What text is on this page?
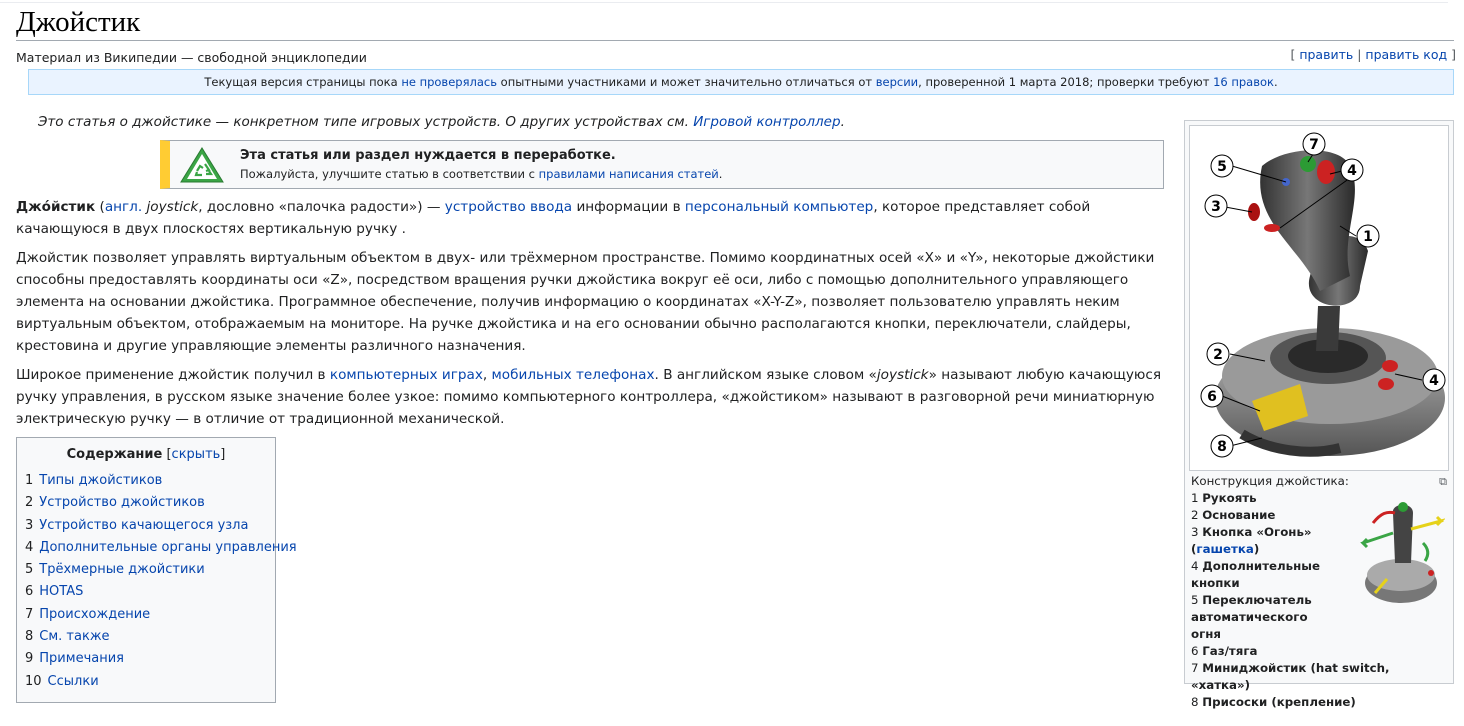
Джойстик
Материал из Википедии — свободной энциклопедии	[ править | править код ]
Текущая версия страницы пока не проверялась опытными участниками и может значительно отличаться от версии, проверенной 1 марта 2018; проверки требуют 16 правок.
Это статья о джойстике — конкретном типе игровых устройств. О других устройствах см. Игровой контроллер.
Эта статья или раздел нуждается в переработке.
Пожалуйста, улучшите статью в соответствии с правилами написания статей.

Джо́йстик (англ. joystick, дословно «палочка радости») — устройство ввода информации в персональный компьютер, которое представляет собой качающуюся в двух плоскостях вертикальную ручку .

Джойстик позволяет управлять виртуальным объектом в двух- или трёхмерном пространстве. Помимо координатных осей «X» и «Y», некоторые джойстики способны предоставлять координаты оси «Z», посредством вращения ручки джойстика вокруг её оси, либо с помощью дополнительного управляющего элемента на основании джойстика. Программное обеспечение, получив информацию о координатах «X-Y-Z», позволяет пользователю управлять неким виртуальным объектом, отображаемым на мониторе. На ручке джойстика и на его основании обычно располагаются кнопки, переключатели, слайдеры, крестовина и другие управляющие элементы различного назначения.

Широкое применение джойстик получил в компьютерных играх, мобильных телефонах. В английском языке словом «joystick» называют любую качающуюся ручку управления, в русском языке значение более узкое: помимо компьютерного контроллера, «джойстиком» называют в разговорной речи миниатюрную электрическую ручку — в отличие от традиционной механической.

Содержание [скрыть]
1 Типы джойстиков
2 Устройство джойстиков
3 Устройство качающегося узла
4 Дополнительные органы управления
5 Трёхмерные джойстики
6 HOTAS
7 Происхождение
8 См. также
9 Примечания
10 Ссылки
1
2
3
4
4
5
6
7
8
⧉
Конструкция джойстика:
1 Рукоять
2 Основание
3 Кнопка «Огонь»
(гашетка)
4 Дополнительные кнопки
5 Переключатель автоматического огня
6 Газ/тяга
7 Миниджойстик (hat switch, «хатка»)
8 Присоски (крепление)
